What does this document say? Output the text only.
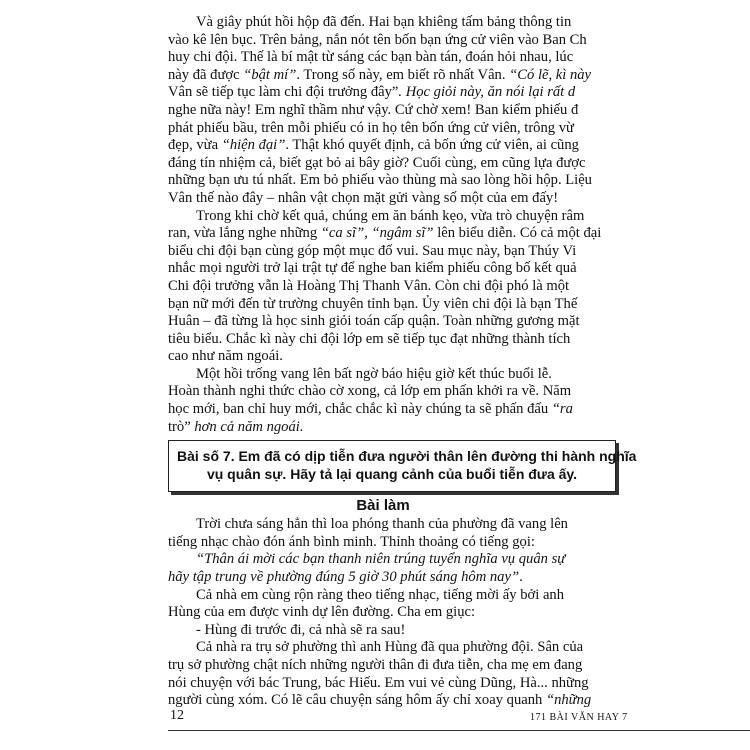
Và giây phút hồi hộp đã đến. Hai bạn khiêng tấm bảng thông tin
vào kê lên bục. Trên bảng, nắn nót tên bốn bạn ứng cử viên vào Ban Ch
huy chi đội. Thế là bí mật từ sáng các bạn bàn tán, đoán hỏi nhau, lúc
này đã được “bật mí”. Trong số này, em biết rõ nhất Vân. “Có lẽ, kì này
Vân sẽ tiếp tục làm chi đội trưởng đây”. Học giỏi này, ăn nói lại rất d
nghe nữa này! Em nghĩ thầm như vậy. Cứ chờ xem! Ban kiểm phiếu đ
phát phiếu bầu, trên mỗi phiếu có in họ tên bốn ứng cử viên, trông vừ
đẹp, vừa “hiện đại”. Thật khó quyết định, cả bốn ứng cử viên, ai cũng
đáng tín nhiệm cả, biết gạt bỏ ai bây giờ? Cuối cùng, em cũng lựa được
những bạn ưu tú nhất. Em bỏ phiếu vào thùng mà sao lòng hồi hộp. Liệu
Vân thế nào đây – nhân vật chọn mặt gửi vàng số một của em đấy!
Trong khi chờ kết quả, chúng em ăn bánh kẹo, vừa trò chuyện râm
ran, vừa lắng nghe những “ca sĩ”, “ngâm sĩ” lên biểu diễn. Có cả một đại
biểu chi đội bạn cùng góp một mục đố vui. Sau mục này, bạn Thúy Vi
nhắc mọi người trở lại trật tự để nghe ban kiểm phiếu công bố kết quả
Chi đội trưởng vẫn là Hoàng Thị Thanh Vân. Còn chi đội phó là một
bạn nữ mới đến từ trường chuyên tỉnh bạn. Ủy viên chi đội là bạn Thế
Huân – đã từng là học sinh giỏi toán cấp quận. Toàn những gương mặt
tiêu biểu. Chắc kì này chi đội lớp em sẽ tiếp tục đạt những thành tích
cao như năm ngoái.
Một hồi trống vang lên bất ngờ báo hiệu giờ kết thúc buổi lễ.
Hoàn thành nghi thức chào cờ xong, cả lớp em phấn khởi ra về. Năm
học mới, ban chỉ huy mới, chắc chắc kì này chúng ta sẽ phấn đấu “ra
trò” hơn cả năm ngoái.
Bài số 7. Em đã có dịp tiễn đưa người thân lên đường thi hành nghĩa
vụ quân sự. Hãy tả lại quang cảnh của buổi tiễn đưa ấy.
Bài làm
Trời chưa sáng hẳn thì loa phóng thanh của phường đã vang lên
tiếng nhạc chào đón ánh bình minh. Thỉnh thoảng có tiếng gọi:
“Thân ái mời các bạn thanh niên trúng tuyển nghĩa vụ quân sự
hãy tập trung về phường đúng 5 giờ 30 phút sáng hôm nay”.
Cả nhà em cùng rộn ràng theo tiếng nhạc, tiếng mời ấy bởi anh
Hùng của em được vinh dự lên đường. Cha em giục:
- Hùng đi trước đi, cả nhà sẽ ra sau!
Cả nhà ra trụ sở phường thì anh Hùng đã qua phường đội. Sân của
trụ sở phường chật ních những người thân đi đưa tiễn, cha mẹ em đang
nói chuyện với bác Trung, bác Hiếu. Em vui vẻ cùng Dũng, Hà... những
người cùng xóm. Có lẽ câu chuyện sáng hôm ấy chỉ xoay quanh “những
12	171 BÀI VĂN HAY 7
